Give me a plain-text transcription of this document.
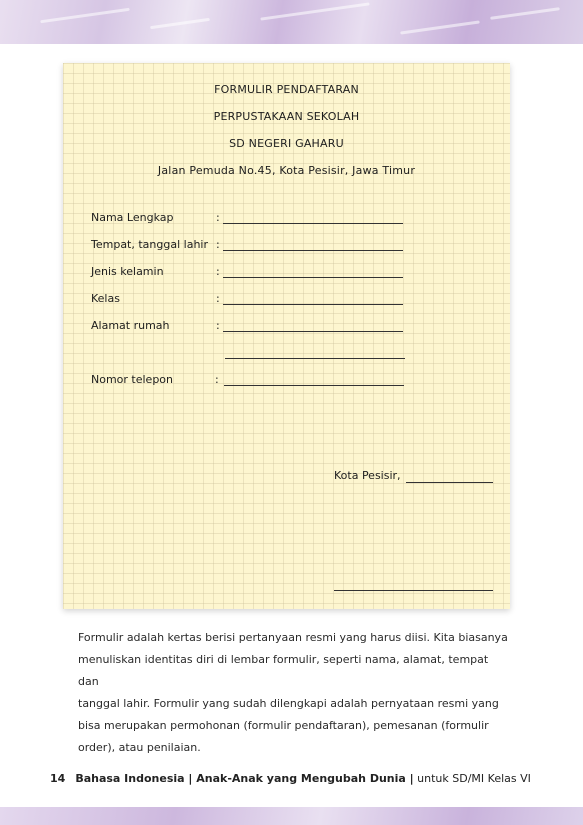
FORMULIR PENDAFTARAN
PERPUSTAKAAN SEKOLAH
SD NEGERI GAHARU
Jalan Pemuda No.45, Kota Pesisir, Jawa Timur
Nama Lengkap	:
Tempat, tanggal lahir :
Jenis kelamin	:
Kelas	:
Alamat rumah	:
Nomor telepon	:
Kota Pesisir,

Formulir adalah kertas berisi pertanyaan resmi yang harus diisi. Kita biasanya

menuliskan identitas diri di lembar formulir, seperti nama, alamat, tempat dan

tanggal lahir. Formulir yang sudah dilengkapi adalah pernyataan resmi yang

bisa merupakan permohonan (formulir pendaftaran), pemesanan (formulir

order), atau penilaian.

14 Bahasa Indonesia | Anak-Anak yang Mengubah Dunia | untuk SD/MI Kelas VI
